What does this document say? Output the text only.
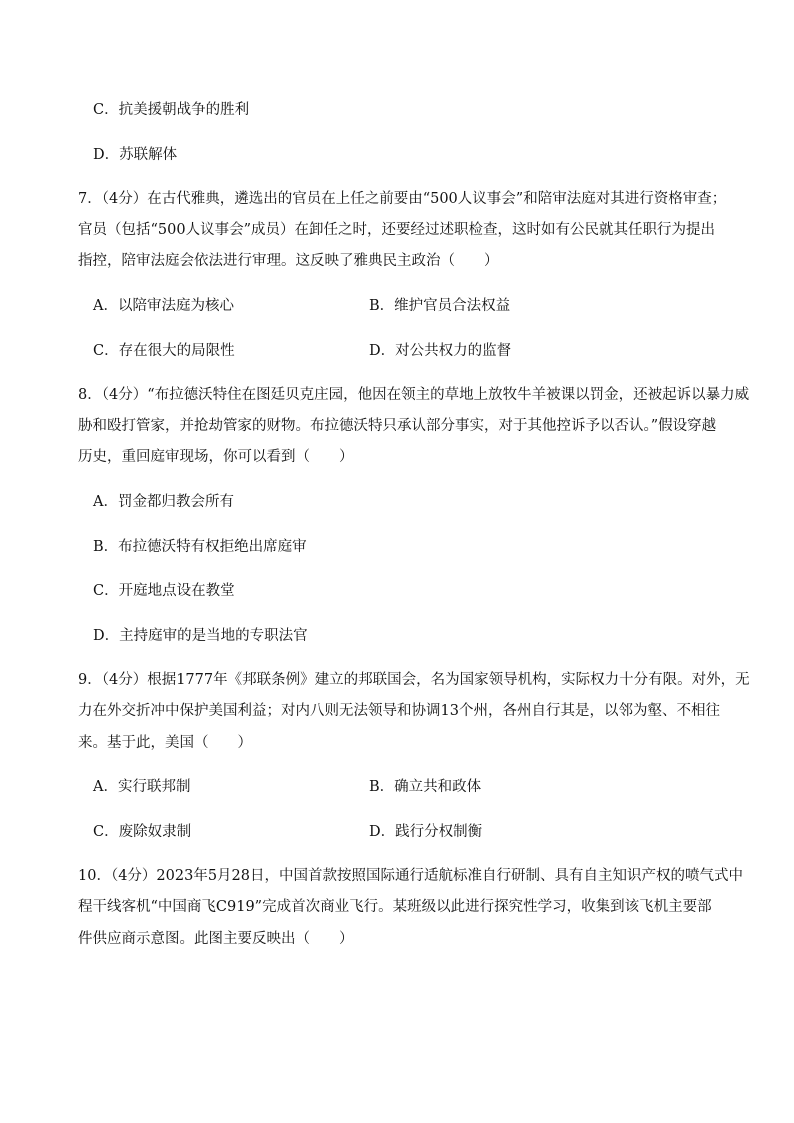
C．抗美援朝战争的胜利
D．苏联解体
7．（4分）在古代雅典，遴选出的官员在上任之前要由“500人议事会”和陪审法庭对其进行资格审查；
官员（包括“500人议事会”成员）在卸任之时，还要经过述职检查，这时如有公民就其任职行为提出
指控，陪审法庭会依法进行审理。这反映了雅典民主政治（　　）
A．以陪审法庭为核心	B．维护官员合法权益
C．存在很大的局限性	D．对公共权力的监督
8．（4分）“布拉德沃特住在图廷贝克庄园，他因在领主的草地上放牧牛羊被课以罚金，还被起诉以暴力威
胁和殴打管家，并抢劫管家的财物。布拉德沃特只承认部分事实，对于其他控诉予以否认。”假设穿越
历史，重回庭审现场，你可以看到（　　）
A．罚金都归教会所有
B．布拉德沃特有权拒绝出席庭审
C．开庭地点设在教堂
D．主持庭审的是当地的专职法官
9．（4分）根据1777年《邦联条例》建立的邦联国会，名为国家领导机构，实际权力十分有限。对外，无
力在外交折冲中保护美国利益；对内八则无法领导和协调13个州，各州自行其是，以邻为壑、不相往
来。基于此，美国（　　）
A．实行联邦制	B．确立共和政体
C．废除奴隶制	D．践行分权制衡
10．（4分）2023年5月28日，中国首款按照国际通行适航标准自行研制、具有自主知识产权的喷气式中
程干线客机“中国商飞C919”完成首次商业飞行。某班级以此进行探究性学习，收集到该飞机主要部
件供应商示意图。此图主要反映出（　　）
